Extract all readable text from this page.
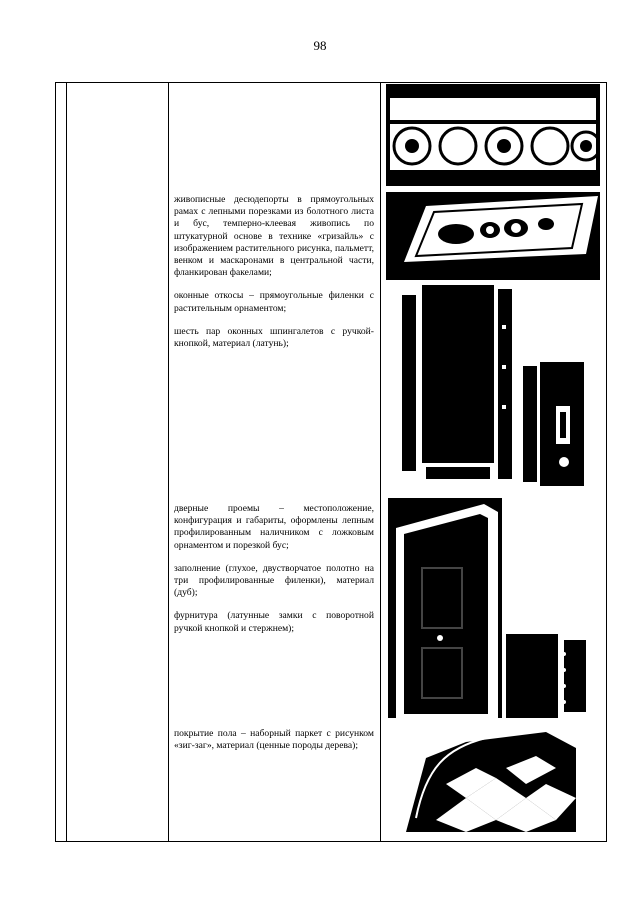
98

живописные десюдепорты в прямоугольных рамах с лепными порезками из болотного листа и бус, темперно-клеевая живопись по штукатурной основе в технике «гризайль» с изображением растительного рисунка, пальметт, венком и маскаронами в центральной части, фланкирован факелами;

оконные откосы – прямоугольные филенки с растительным орнаментом;

шесть пар оконных шпингалетов с ручкой-кнопкой, материал (латунь);

дверные проемы – местоположение, конфигурация и габариты, оформлены лепным профилированным наличником с ложковым орнаментом и порезкой бус;

заполнение (глухое, двустворчатое полотно на три профилированные филенки), материал (дуб);

фурнитура (латунные замки с поворотной ручкой кнопкой и стержнем);

покрытие пола – наборный паркет с рисунком «зиг-заг», материал (ценные породы дерева);
